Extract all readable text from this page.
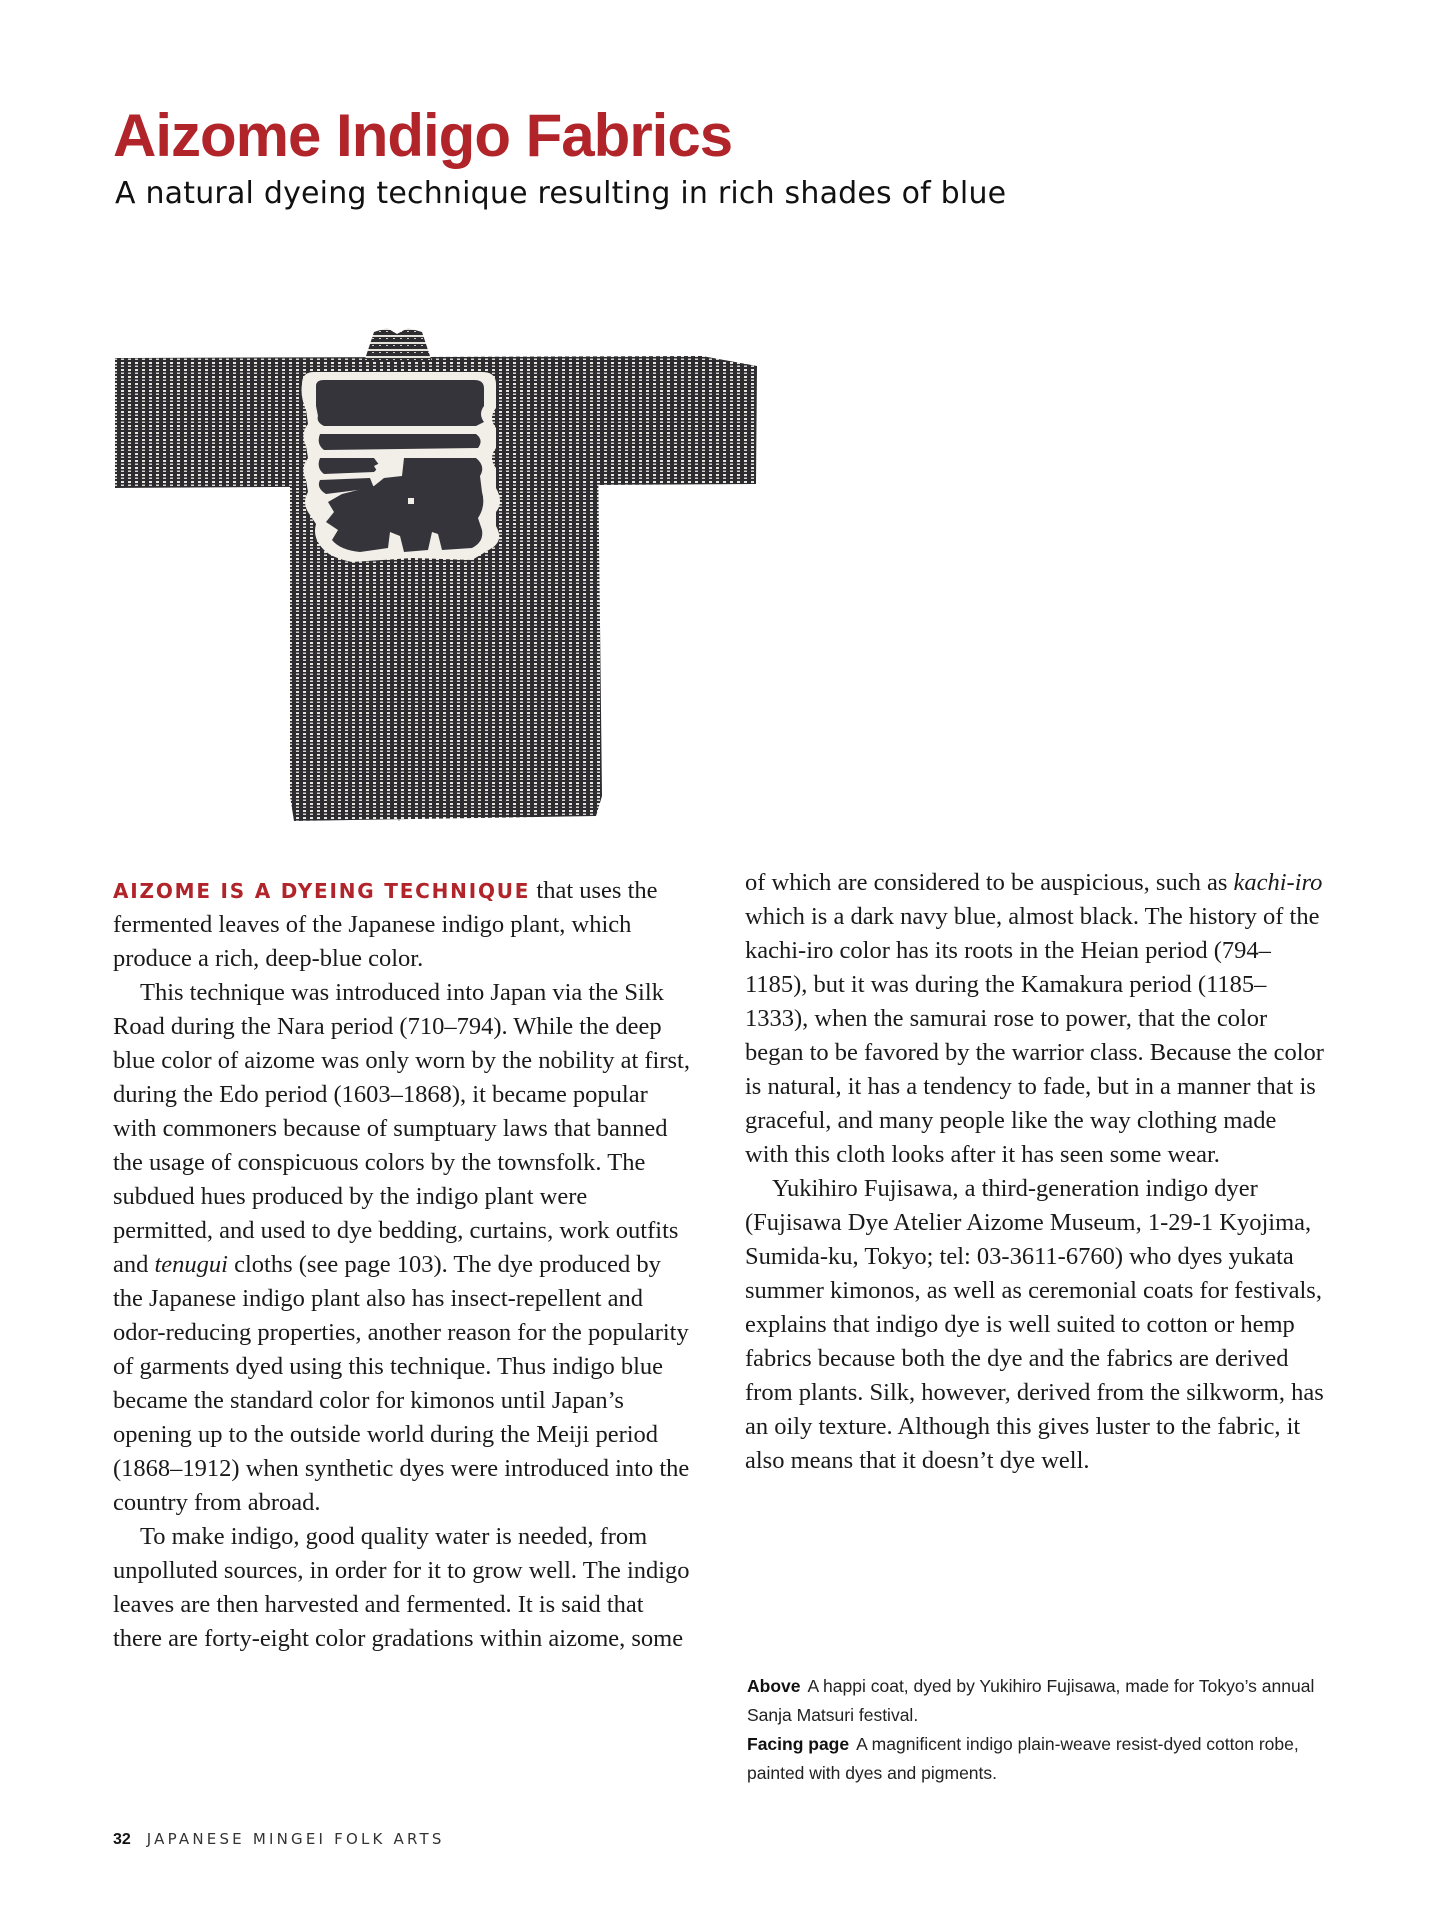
Aizome Indigo Fabrics
A natural dyeing technique resulting in rich shades of blue

AIZOME IS A DYEING TECHNIQUE that uses the fermented leaves of the Japanese indigo plant, which produce a rich, deep-blue color.

This technique was introduced into Japan via the Silk Road during the Nara period (710–794). While the deep blue color of aizome was only worn by the nobility at first, during the Edo period (1603–1868), it became popular with commoners because of sumptuary laws that banned the usage of conspicuous colors by the townsfolk. The subdued hues produced by the indigo plant were permitted, and used to dye bedding, curtains, work outfits and tenugui cloths (see page 103). The dye produced by the Japanese indigo plant also has insect-repellent and odor-reducing properties, another reason for the popularity of garments dyed using this technique. Thus indigo blue became the standard color for kimonos until Japan’s opening up to the outside world during the Meiji period (1868–1912) when synthetic dyes were introduced into the country from abroad.

To make indigo, good quality water is needed, from unpolluted sources, in order for it to grow well. The indigo leaves are then harvested and fermented. It is said that there are forty-eight color gradations within aizome, some

of which are considered to be auspicious, such as kachi-iro which is a dark navy blue, almost black. The history of the kachi-iro color has its roots in the Heian period (794–1185), but it was during the Kamakura period (1185–1333), when the samurai rose to power, that the color began to be favored by the warrior class. Because the color is natural, it has a tendency to fade, but in a manner that is graceful, and many people like the way clothing made with this cloth looks after it has seen some wear.

Yukihiro Fujisawa, a third-generation indigo dyer (Fujisawa Dye Atelier Aizome Museum, 1-29-1 Kyojima, Sumida-ku, Tokyo; tel: 03-3611-6760) who dyes yukata summer kimonos, as well as ceremonial coats for festivals, explains that indigo dye is well suited to cotton or hemp fabrics because both the dye and the fabrics are derived from plants. Silk, however, derived from the silkworm, has an oily texture. Although this gives luster to the fabric, it also means that it doesn’t dye well.

Above A happi coat, dyed by Yukihiro Fujisawa, made for Tokyo’s annual Sanja Matsuri festival.

Facing page A magnificent indigo plain-weave resist-dyed cotton robe, painted with dyes and pigments.

32 JAPANESE MINGEI FOLK ARTS
